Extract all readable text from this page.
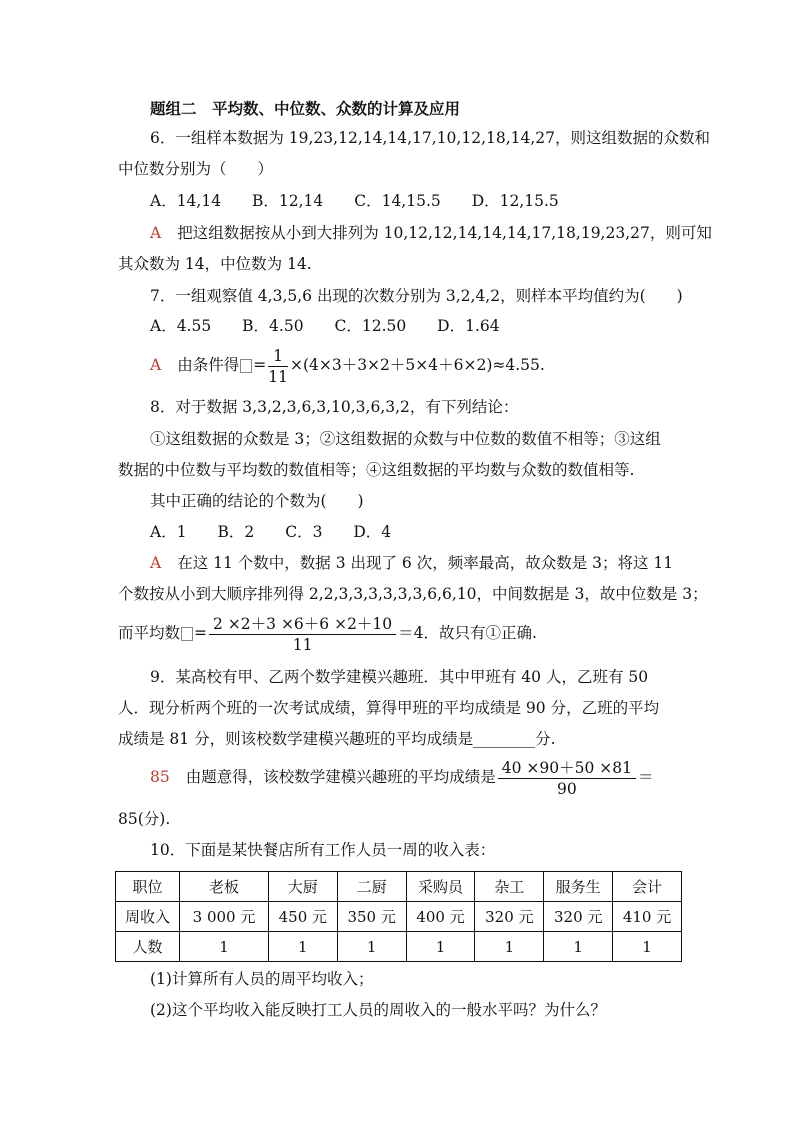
题组二　平均数、中位数、众数的计算及应用
6．一组样本数据为 19,23,12,14,14,17,10,12,18,14,27，则这组数据的众数和
中位数分别为（　　）
A．14,14 B．12,14 C．14,15.5 D．12,15.5
A 把这组数据按从小到大排列为 10,12,12,14,14,14,17,18,19,23,27，则可知
其众数为 14，中位数为 14.
7．一组观察值 4,3,5,6 出现的次数分别为 3,2,4,2，则样本平均值约为(　　)
A．4.55 B．4.50 C．12.50 D．1.64
A 由条件得 = $\frac{1}{11} \times(4\times 3+3\times 2+5\times 4+6\times 2)\approx 4.55$.
8．对于数据 3,3,2,3,6,3,10,3,6,3,2，有下列结论：
①这组数据的众数是 3；②这组数据的众数与中位数的数值不相等；③这组
数据的中位数与平均数的数值相等；④这组数据的平均数与众数的数值相等.
其中正确的结论的个数为(　　)
A．1 B．2 C．3 D．4
A 在这 11 个数中，数据 3 出现了 6 次，频率最高，故众数是 3；将这 11
个数按从小到大顺序排列得 2,2,3,3,3,3,3,3,6,6,10，中间数据是 3，故中位数是 3；
而平均数 = $\frac{2 \times 2+3 \times 6+6 \times 2+10}{11} =4$．故只有①正确.
9．某高校有甲、乙两个数学建模兴趣班．其中甲班有 40 人，乙班有 50
人．现分析两个班的一次考试成绩，算得甲班的平均成绩是 90 分，乙班的平均
成绩是 81 分，则该校数学建模兴趣班的平均成绩是________分.
85 由题意得，该校数学建模兴趣班的平均成绩是 $\frac{40 \times 90+50 \times 81}{90}$ ＝
85(分).
10．下面是某快餐店所有工作人员一周的收入表：
职位	老板	大厨	二厨	采购员	杂工	服务生	会计
周收入	3 000 元	450 元	350 元	400 元	320 元	320 元	410 元
人数	1	1	1	1	1	1	1
(1)计算所有人员的周平均收入；
(2)这个平均收入能反映打工人员的周收入的一般水平吗？为什么？
